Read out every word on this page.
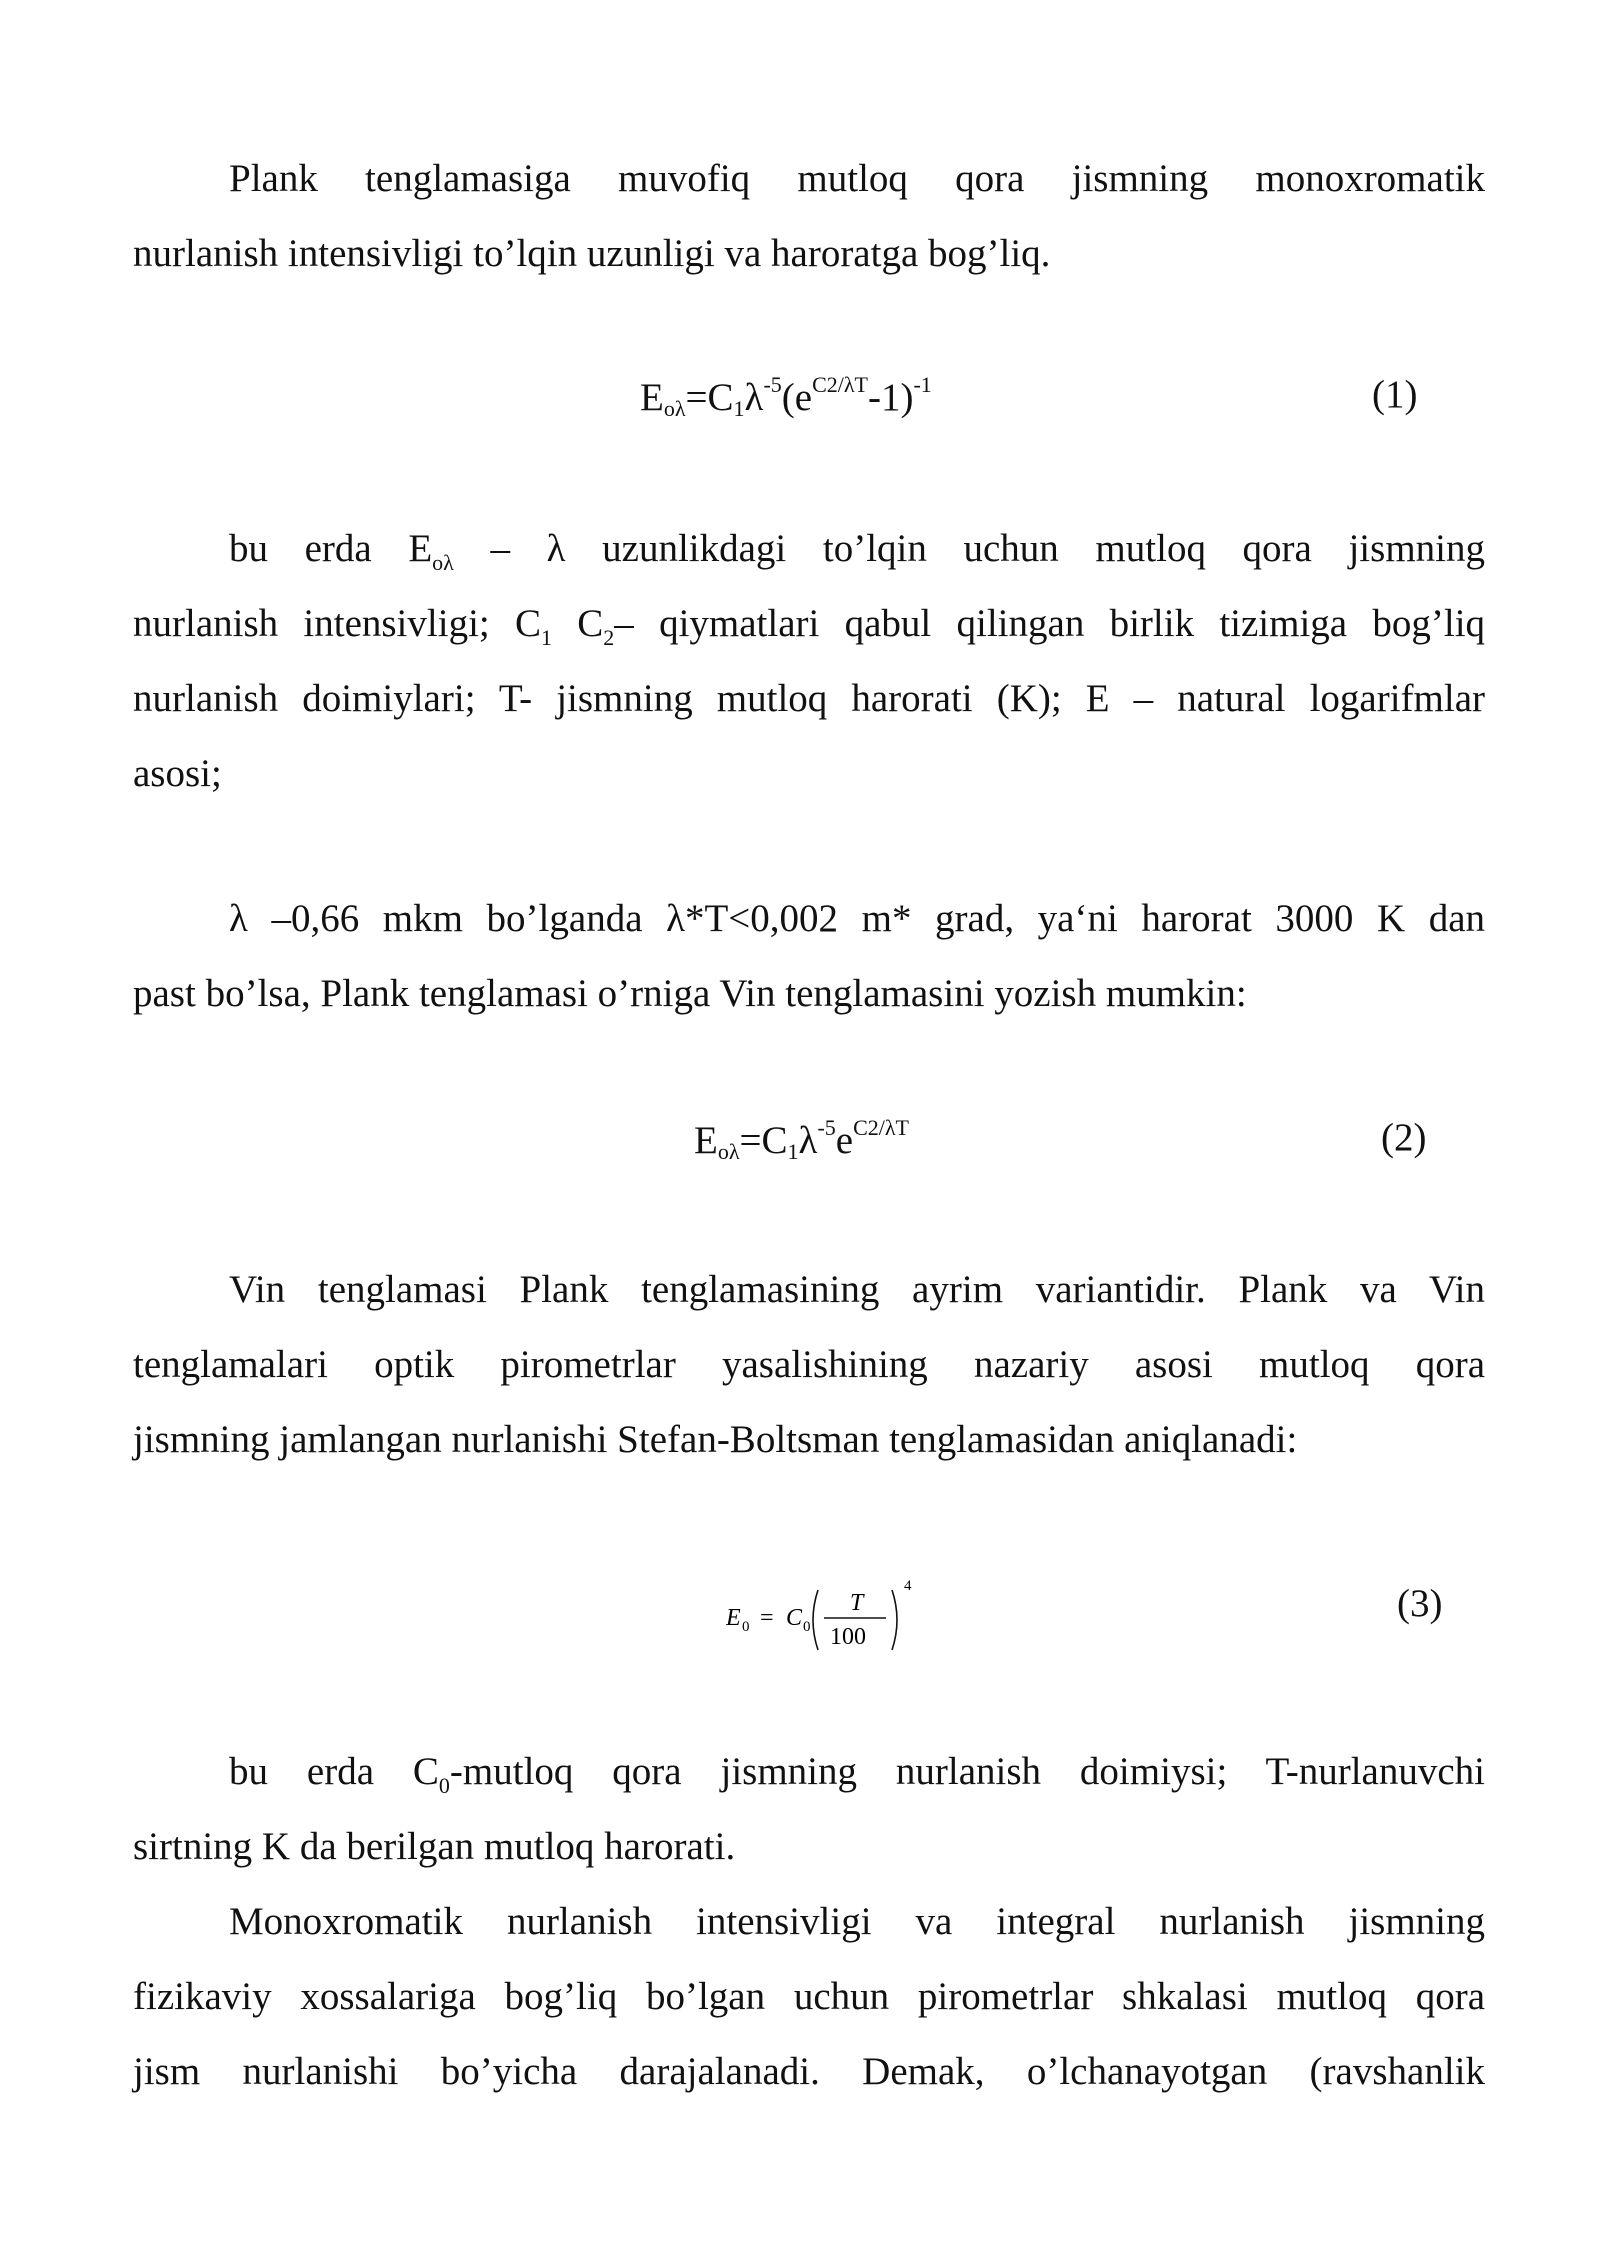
Plank tenglamasiga muvofiq mutloq qora jismning monoxromatik
nurlanish intensivligi to’lqin uzunligi va haroratga bog’liq.
$E_{o\lambda}=C_1\lambda^{-5}(e^{C2/\lambda T}-1)^{-1}$	(1)
bu erda $E_{o\lambda}$ – λ uzunlikdagi to’lqin uchun mutloq qora jismning
nurlanish intensivligi; $C_1$ $C_2-$ qiymatlari qabul qilingan birlik tizimiga bog’liq
nurlanish doimiylari; T- jismning mutloq harorati (K); E – natural logarifmlar
asosi;
λ –0,66 mkm bo’lganda λ*T<0,002 m* grad, ya‘ni harorat 3000 K dan
past bo’lsa, Plank tenglamasi o’rniga Vin tenglamasini yozish mumkin:
$E_{o\lambda}=C_1\lambda^{-5}e^{C2/\lambda T}$	(2)
Vin tenglamasi Plank tenglamasining ayrim variantidir. Plank va Vin
tenglamalari optik pirometrlar yasalishining nazariy asosi mutloq qora
jismning jamlangan nurlanishi Stefan-Boltsman tenglamasidan aniqlanadi:
E 0 = C 0
T
100
4	(3)
bu erda $C_0$-mutloq qora jismning nurlanish doimiysi; T-nurlanuvchi
sirtning K da berilgan mutloq harorati.
Monoxromatik nurlanish intensivligi va integral nurlanish jismning
fizikaviy xossalariga bog’liq bo’lgan uchun pirometrlar shkalasi mutloq qora
jism nurlanishi bo’yicha darajalanadi. Demak, o’lchanayotgan (ravshanlik
